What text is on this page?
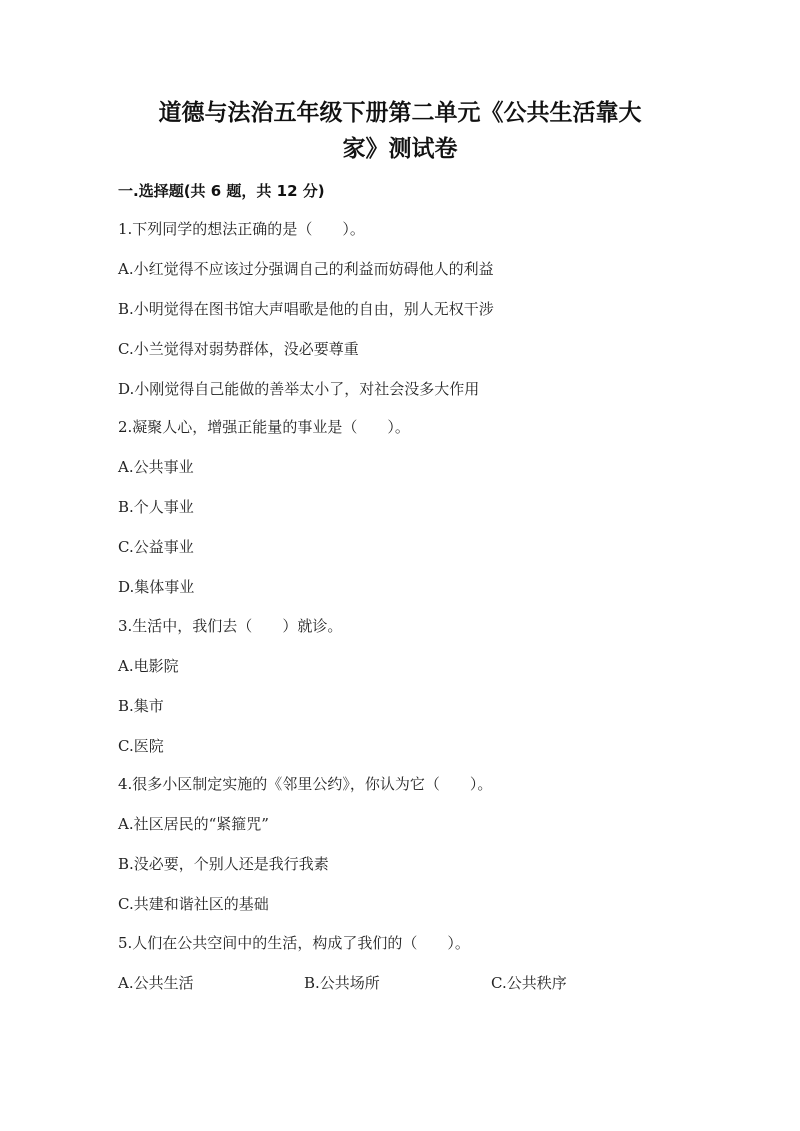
道德与法治五年级下册第二单元《公共生活靠大
家》测试卷
一.选择题(共 6 题，共 12 分)
1.下列同学的想法正确的是（　　）。
A.小红觉得不应该过分强调自己的利益而妨碍他人的利益
B.小明觉得在图书馆大声唱歌是他的自由，别人无权干涉
C.小兰觉得对弱势群体，没必要尊重
D.小刚觉得自己能做的善举太小了，对社会没多大作用
2.凝聚人心，增强正能量的事业是（　　）。
A.公共事业
B.个人事业
C.公益事业
D.集体事业
3.生活中，我们去（　　）就诊。
A.电影院
B.集市
C.医院
4.很多小区制定实施的《邻里公约》，你认为它（　　）。
A.社区居民的“紧箍咒”
B.没必要，个别人还是我行我素
C.共建和谐社区的基础
5.人们在公共空间中的生活，构成了我们的（　　）。
A.公共生活	B.公共场所	C.公共秩序
